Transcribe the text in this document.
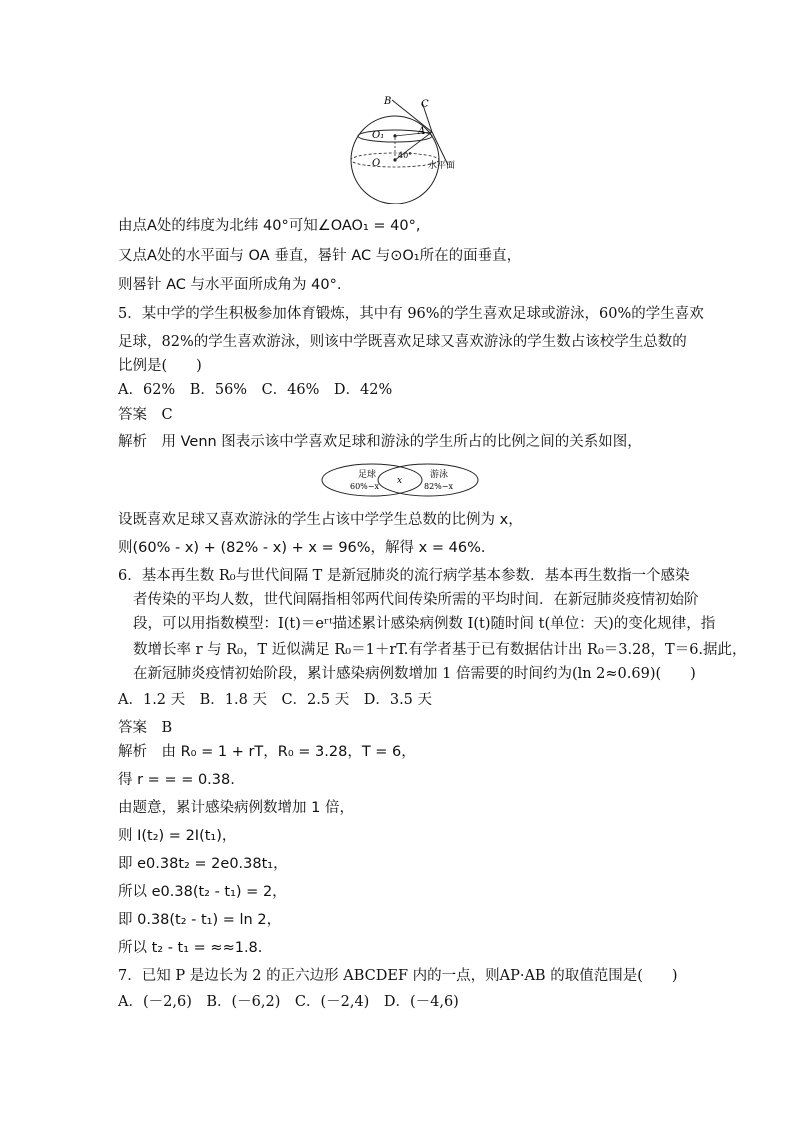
B	C
O₁	A
O
40°
水平面
由点A处的纬度为北纬 40°可知∠OAO₁ = 40°,
又点A处的水平面与 OA 垂直，晷针 AC 与⊙O₁所在的面垂直，
则晷针 AC 与水平面所成角为 40°.
5．某中学的学生积极参加体育锻炼，其中有 96%的学生喜欢足球或游泳，60%的学生喜欢
足球，82%的学生喜欢游泳，则该中学既喜欢足球又喜欢游泳的学生数占该校学生总数的
比例是(　　)
A．62%　B．56%　C．46%　D．42%
答案　C
解析　用 Venn 图表示该中学喜欢足球和游泳的学生所占的比例之间的关系如图，
足球
60%−x
x
游泳
82%−x
设既喜欢足球又喜欢游泳的学生占该中学学生总数的比例为 x，
则(60% - x) + (82% - x) + x = 96%，解得 x = 46%.
6．基本再生数 R₀与世代间隔 T 是新冠肺炎的流行病学基本参数．基本再生数指一个感染
者传染的平均人数，世代间隔指相邻两代间传染所需的平均时间．在新冠肺炎疫情初始阶
段，可以用指数模型：I(t)＝eʳᵗ描述累计感染病例数 I(t)随时间 t(单位：天)的变化规律，指
数增长率 r 与 R₀，T 近似满足 R₀＝1＋rT.有学者基于已有数据估计出 R₀＝3.28，T＝6.据此，
在新冠肺炎疫情初始阶段，累计感染病例数增加 1 倍需要的时间约为(ln 2≈0.69)(　　)
A．1.2 天　B．1.8 天　C．2.5 天　D．3.5 天
答案　B
解析　由 R₀ = 1 + rT，R₀ = 3.28，T = 6，
得 r = = = 0.38.
由题意，累计感染病例数增加 1 倍，
则 I(t₂) = 2I(t₁)，
即 e0.38t₂ = 2e0.38t₁，
所以 e0.38(t₂ - t₁) = 2，
即 0.38(t₂ - t₁) = ln 2，
所以 t₂ - t₁ = ≈≈1.8.
7．已知 P 是边长为 2 的正六边形 ABCDEF 内的一点，则AP·AB 的取值范围是(　　)
A．(－2,6)　B．(－6,2)　C．(－2,4)　D．(－4,6)
